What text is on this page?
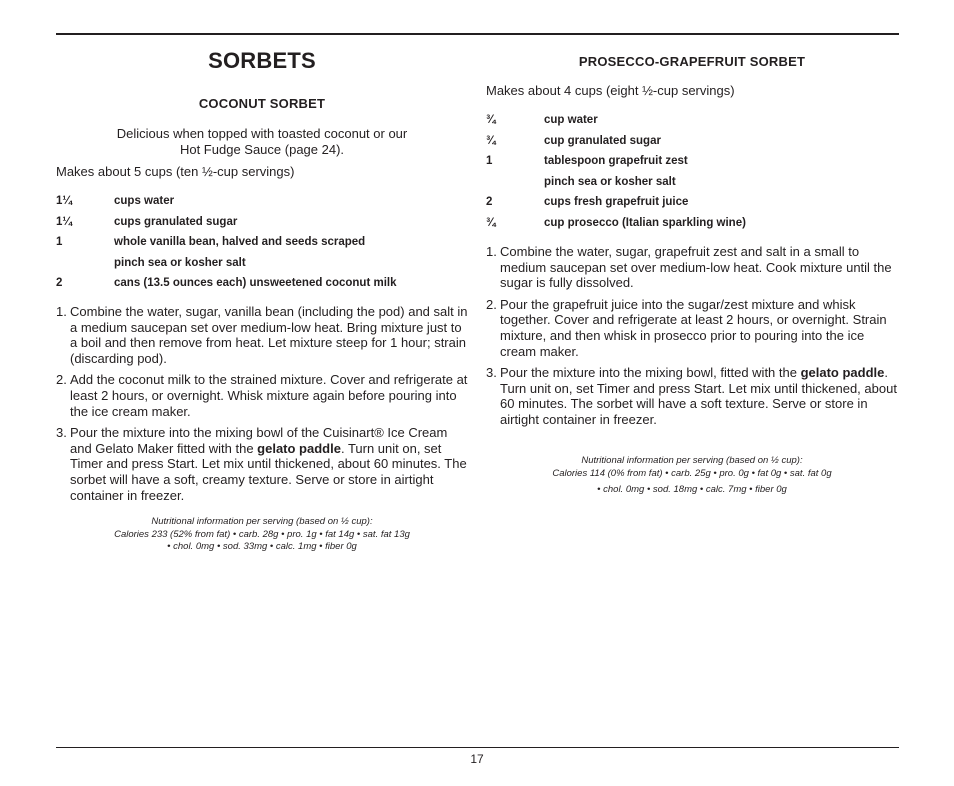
SORBETS
COCONUT SORBET
Delicious when topped with toasted coconut or our
Hot Fudge Sauce (page 24).
Makes about 5 cups (ten ½-cup servings)
1¼	cups water
1¼	cups granulated sugar
1	whole vanilla bean, halved and seeds scraped
pinch sea or kosher salt
2	cans (13.5 ounces each) unsweetened coconut milk
1. Combine the water, sugar, vanilla bean (including the pod) and salt in a medium saucepan set over medium-low heat. Bring mixture just to a boil and then remove from heat. Let mixture steep for 1 hour; strain (discarding pod).
2. Add the coconut milk to the strained mixture. Cover and refrigerate at least 2 hours, or overnight. Whisk mixture again before pouring into the ice cream maker.
3. Pour the mixture into the mixing bowl of the Cuisinart® Ice Cream and Gelato Maker fitted with the gelato paddle. Turn unit on, set Timer and press Start. Let mix until thickened, about 60 minutes. The sorbet will have a soft, creamy texture. Serve or store in airtight container in freezer.
Nutritional information per serving (based on ½ cup):
Calories 233 (52% from fat) • carb. 28g • pro. 1g • fat 14g • sat. fat 13g
• chol. 0mg • sod. 33mg • calc. 1mg • fiber 0g
PROSECCO-GRAPEFRUIT SORBET
Makes about 4 cups (eight ½-cup servings)
¾	cup water
¾	cup granulated sugar
1	tablespoon grapefruit zest
pinch sea or kosher salt
2	cups fresh grapefruit juice
¾	cup prosecco (Italian sparkling wine)
1. Combine the water, sugar, grapefruit zest and salt in a small to medium saucepan set over medium-low heat. Cook mixture until the sugar is fully dissolved.
2. Pour the grapefruit juice into the sugar/zest mixture and whisk together. Cover and refrigerate at least 2 hours, or overnight. Strain mixture, and then whisk in prosecco prior to pouring into the ice cream maker.
3. Pour the mixture into the mixing bowl, fitted with the gelato paddle. Turn unit on, set Timer and press Start. Let mix until thickened, about 60 minutes. The sorbet will have a soft texture. Serve or store in airtight container in freezer.
Nutritional information per serving (based on ½ cup):
Calories 114 (0% from fat) • carb. 25g • pro. 0g • fat 0g • sat. fat 0g
• chol. 0mg • sod. 18mg • calc. 7mg • fiber 0g
17
